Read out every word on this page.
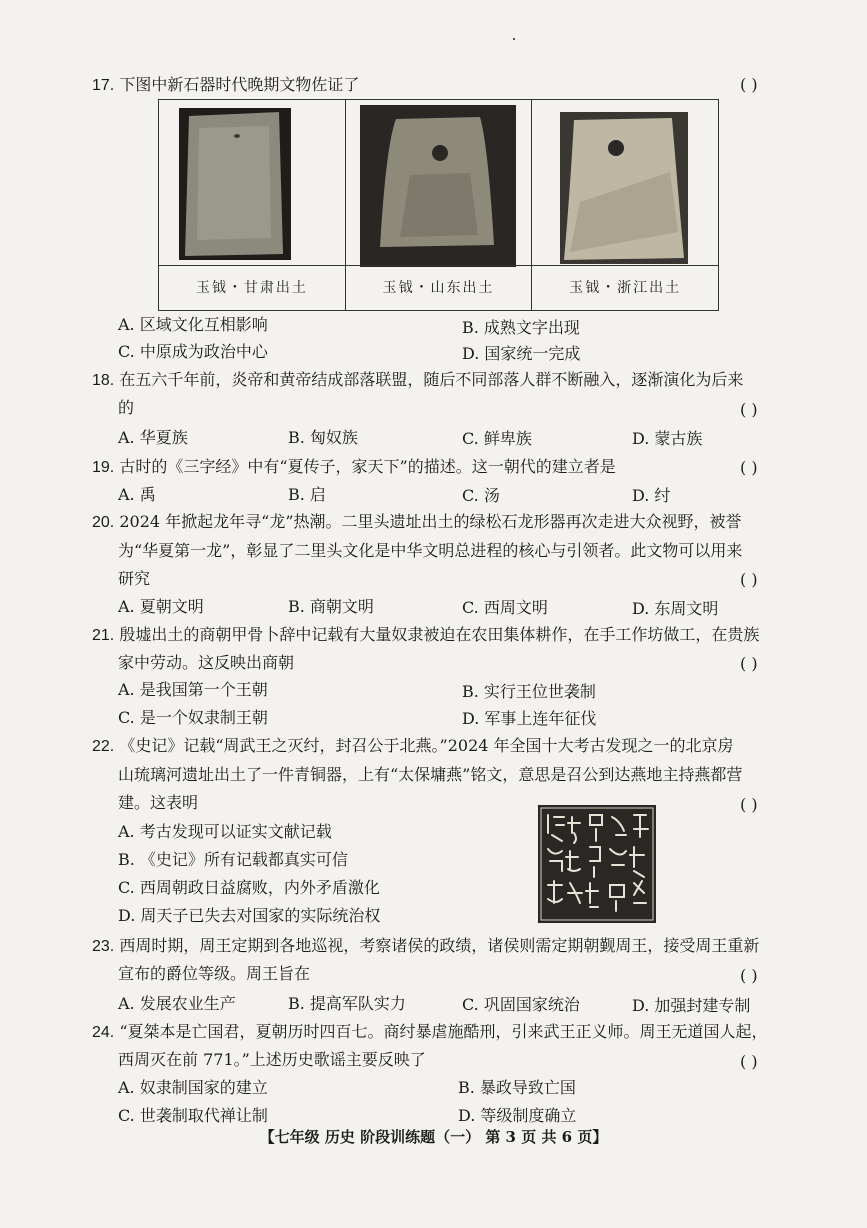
17. 下图中新石器时代晚期文物佐证了	( )
玉钺・甘肃出土	玉钺・山东出土	玉钺・浙江出土
A. 区域文化互相影响	B. 成熟文字出现
C. 中原成为政治中心	D. 国家统一完成
18. 在五六千年前，炎帝和黄帝结成部落联盟，随后不同部落人群不断融入，逐渐演化为后来
的	( )
A. 华夏族	B. 匈奴族	C. 鲜卑族	D. 蒙古族
19. 古时的《三字经》中有“夏传子，家天下”的描述。这一朝代的建立者是	( )
A. 禹	B. 启	C. 汤	D. 纣
20. 2024 年掀起龙年寻“龙”热潮。二里头遗址出土的绿松石龙形器再次走进大众视野，被誉
为“华夏第一龙”，彰显了二里头文化是中华文明总进程的核心与引领者。此文物可以用来
研究	( )
A. 夏朝文明	B. 商朝文明	C. 西周文明	D. 东周文明
21. 殷墟出土的商朝甲骨卜辞中记载有大量奴隶被迫在农田集体耕作，在手工作坊做工，在贵族
家中劳动。这反映出商朝	( )
A. 是我国第一个王朝	B. 实行王位世袭制
C. 是一个奴隶制王朝	D. 军事上连年征伐
22. 《史记》记载“周武王之灭纣，封召公于北燕。”2024 年全国十大考古发现之一的北京房
山琉璃河遗址出土了一件青铜器，上有“太保墉燕”铭文，意思是召公到达燕地主持燕都营
建。这表明	( )
A. 考古发现可以证实文献记载
B. 《史记》所有记载都真实可信
C. 西周朝政日益腐败，内外矛盾激化
D. 周天子已失去对国家的实际统治权
23. 西周时期，周王定期到各地巡视，考察诸侯的政绩，诸侯则需定期朝觐周王，接受周王重新
宣布的爵位等级。周王旨在	( )
A. 发展农业生产	B. 提高军队实力	C. 巩固国家统治	D. 加强封建专制
24. “夏桀本是亡国君，夏朝历时四百七。商纣暴虐施酷刑，引来武王正义师。周王无道国人起，
西周灭在前 771。”上述历史歌谣主要反映了	( )
A. 奴隶制国家的建立	B. 暴政导致亡国
C. 世袭制取代禅让制	D. 等级制度确立
【七年级 历史 阶段训练题（一） 第 3 页 共 6 页】
